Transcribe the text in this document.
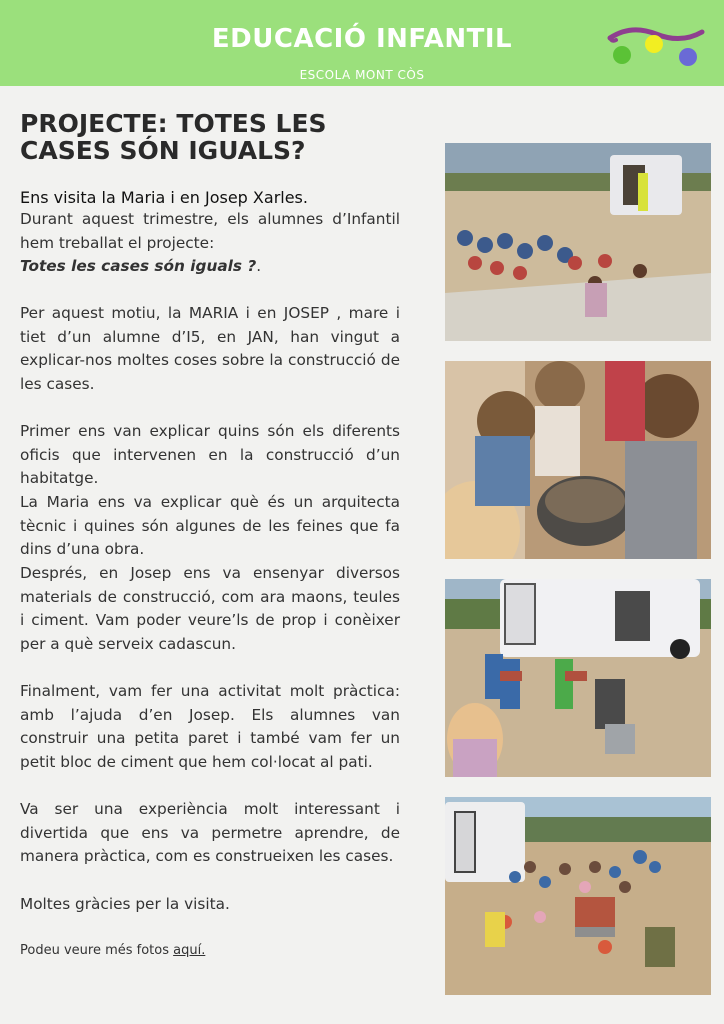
EDUCACIÓ INFANTIL
ESCOLA MONT CÒS
PROJECTE: TOTES LES
CASES SÓN IGUALS?
Ens visita la Maria i en Josep Xarles.

Durant aquest trimestre, els alumnes d’Infantil hem treballat el projecte:
Totes les cases són iguals ?.

Per aquest motiu, la MARIA i en JOSEP , mare i tiet d’un alumne d’I5, en JAN, han vingut a explicar-nos moltes coses sobre la construcció de les cases.

Primer ens van explicar quins són els diferents oficis que intervenen en la construcció d’un habitatge.

La Maria ens va explicar què és un arquitecta tècnic i quines són algunes de les feines que fa dins d’una obra.

Després, en Josep ens va ensenyar diversos materials de construcció, com ara maons, teules i ciment. Vam poder veure’ls de prop i conèixer per a què serveix cadascun.

Finalment, vam fer una activitat molt pràctica: amb l’ajuda d’en Josep. Els alumnes van construir una petita paret i també vam fer un petit bloc de ciment que hem col·locat al pati.

Va ser una experiència molt interessant i divertida que ens va permetre aprendre, de manera pràctica, com es construeixen les cases.

Moltes gràcies per la visita.

Podeu veure més fotos aquí.
